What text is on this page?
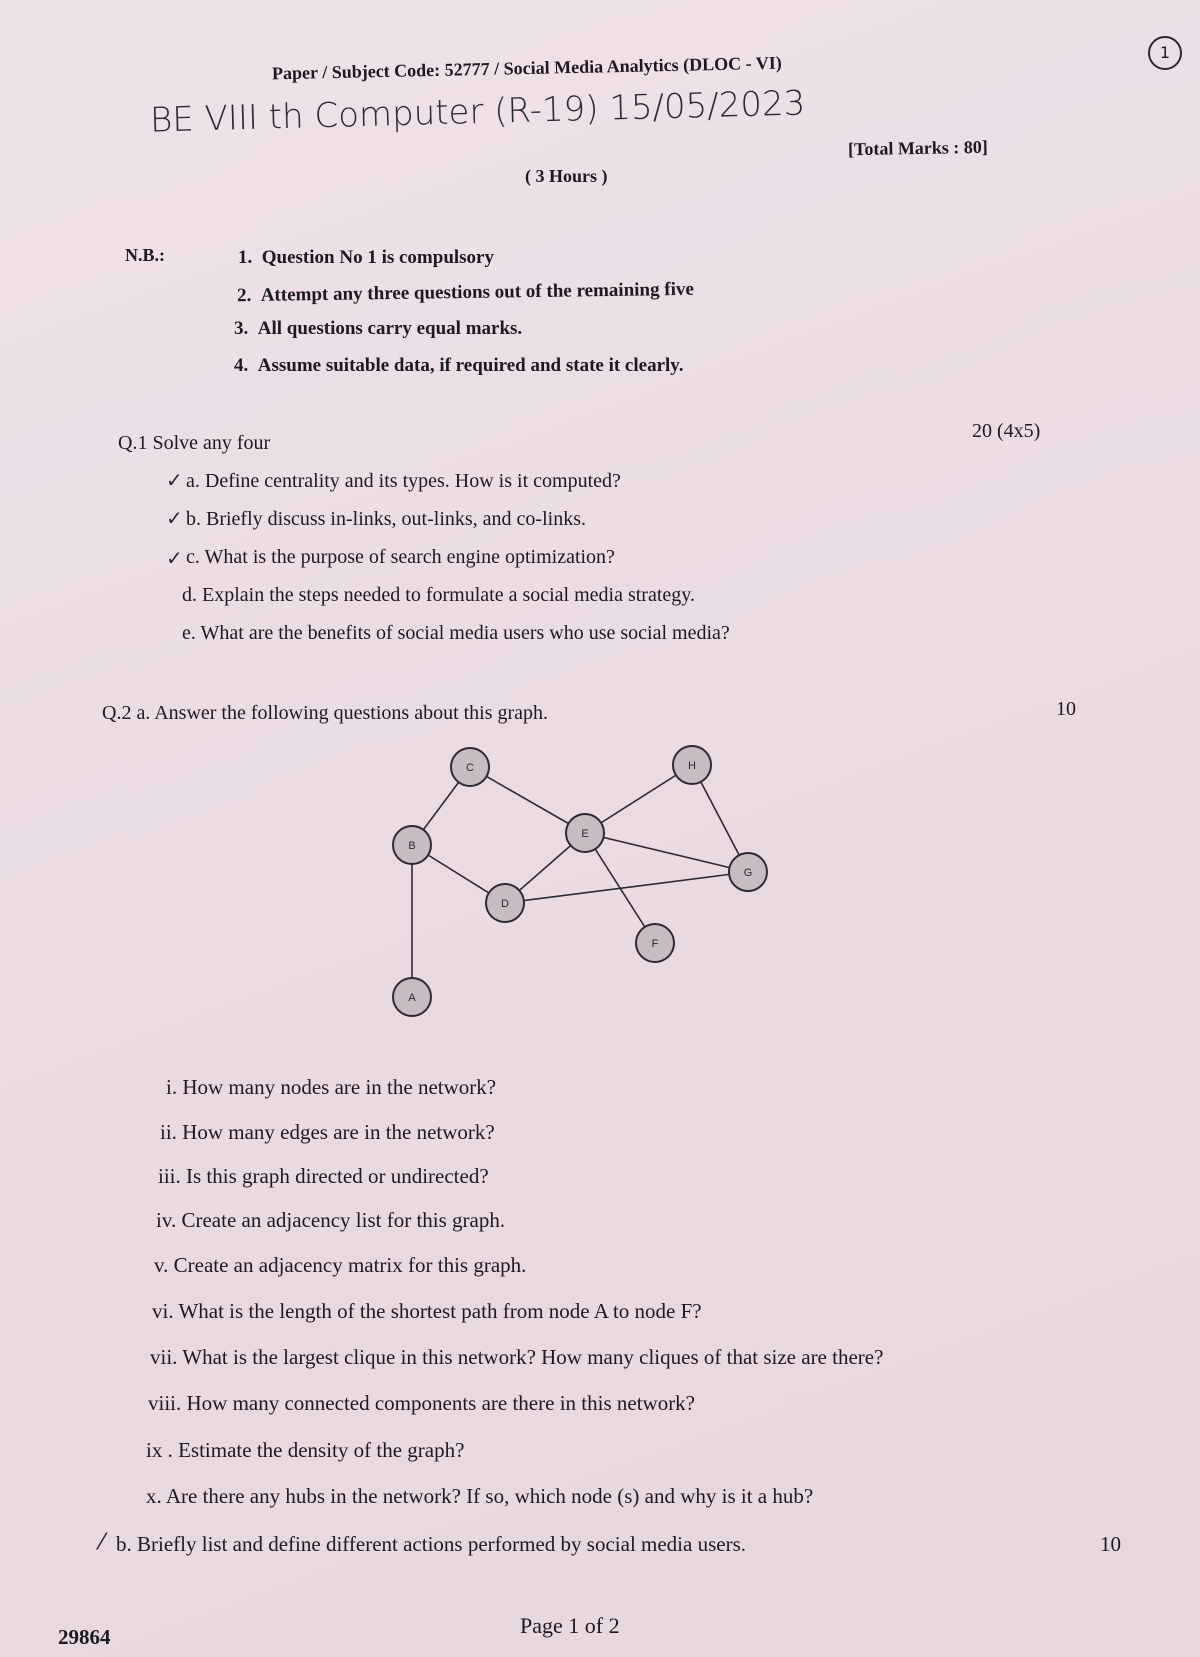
1
Paper / Subject Code: 52777 / Social Media Analytics (DLOC - VI)
BE VIII th Computer (R-19) 15/05/2023
( 3 Hours )
[Total Marks : 80]
N.B.:	1. Question No 1 is compulsory
2. Attempt any three questions out of the remaining five
3. All questions carry equal marks.
4. Assume suitable data, if required and state it clearly.
Q.1 Solve any four
20 (4x5)
✓
✓
✓
a. Define centrality and its types. How is it computed?
b. Briefly discuss in-links, out-links, and co-links.
c. What is the purpose of search engine optimization?
d. Explain the steps needed to formulate a social media strategy.
e. What are the benefits of social media users who use social media?
Q.2 a. Answer the following questions about this graph.	10
A
B
C
D
E
F
G
H
i. How many nodes are in the network?
ii. How many edges are in the network?
iii. Is this graph directed or undirected?
iv. Create an adjacency list for this graph.
v. Create an adjacency matrix for this graph.
vi. What is the length of the shortest path from node A to node F?
vii. What is the largest clique in this network? How many cliques of that size are there?
viii. How many connected components are there in this network?
ix . Estimate the density of the graph?
x. Are there any hubs in the network? If so, which node (s) and why is it a hub?
⁄ b. Briefly list and define different actions performed by social media users.	10
29864	Page 1 of 2
